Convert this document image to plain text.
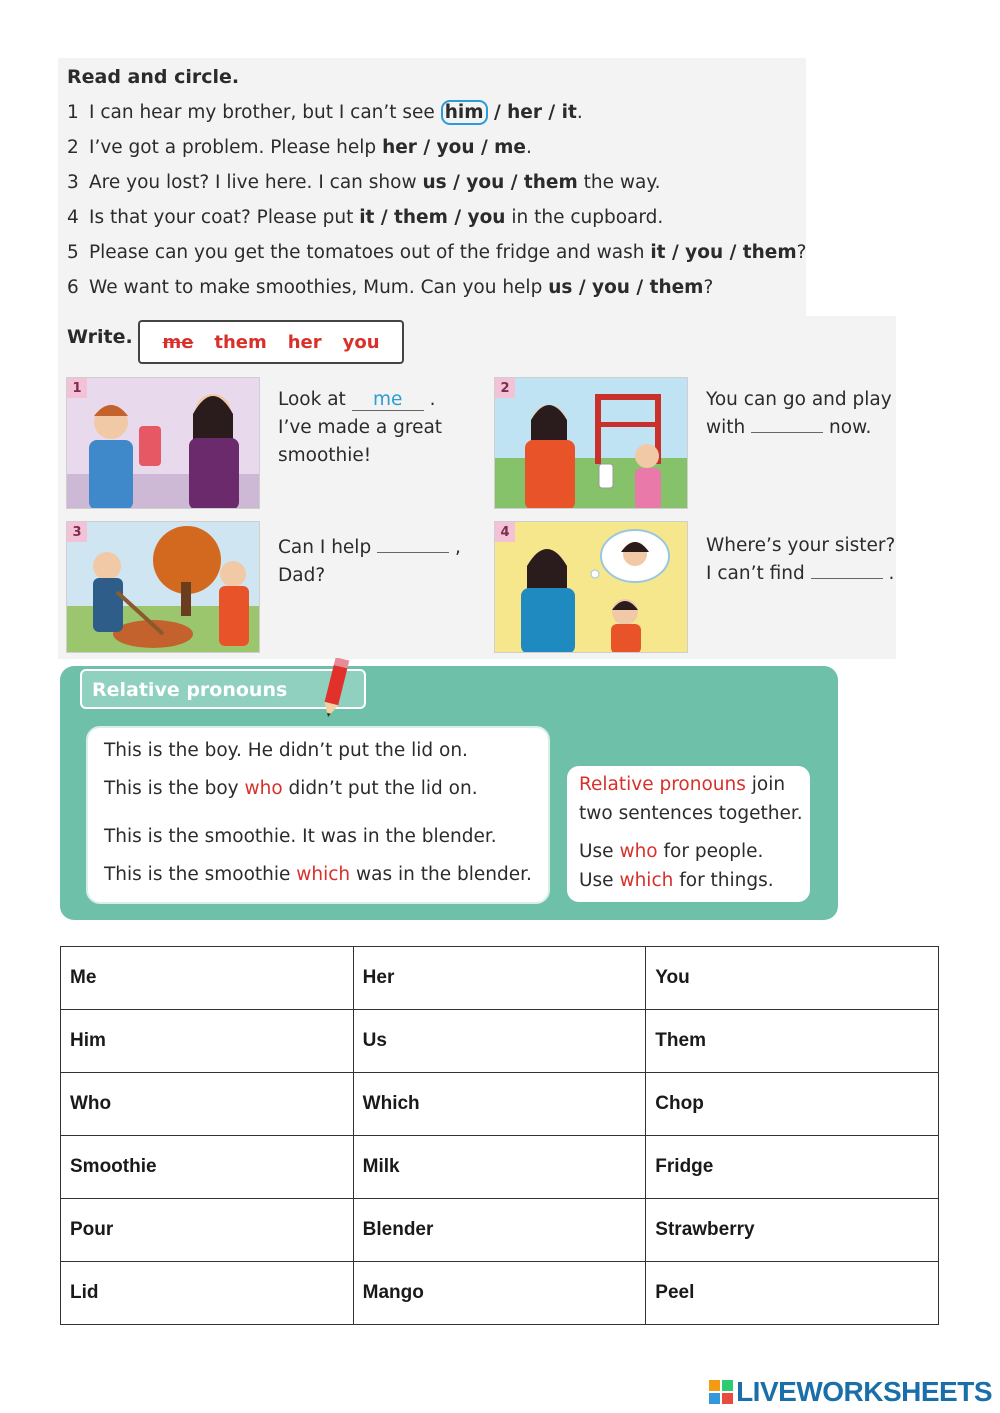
Read and circle.
1 I can hear my brother, but I can’t see him / her / it.
2 I’ve got a problem. Please help her / you / me.
3 Are you lost? I live here. I can show us / you / them the way.
4 Is that your coat? Please put it / them / you in the cupboard.
5 Please can you get the tomatoes out of the fridge and wash it / you / them?
6 We want to make smoothies, Mum. Can you help us / you / them?
Write. me them her you
1
Look at me .
I’ve made a great
smoothie!
2
You can go and play
with	now.
3
Can I help	,
Dad?
4
Where’s your sister?
I can’t find	.
Relative pronouns
This is the boy. He didn’t put the lid on.
This is the boy who didn’t put the lid on.
This is the smoothie. It was in the blender.
This is the smoothie which was in the blender.
Relative pronouns join
two sentences together.
Use who for people.
Use which for things.
Me	Her	You
Him	Us	Them
Who	Which	Chop
Smoothie	Milk	Fridge
Pour	Blender	Strawberry
Lid	Mango	Peel
LIVEWORKSHEETS
